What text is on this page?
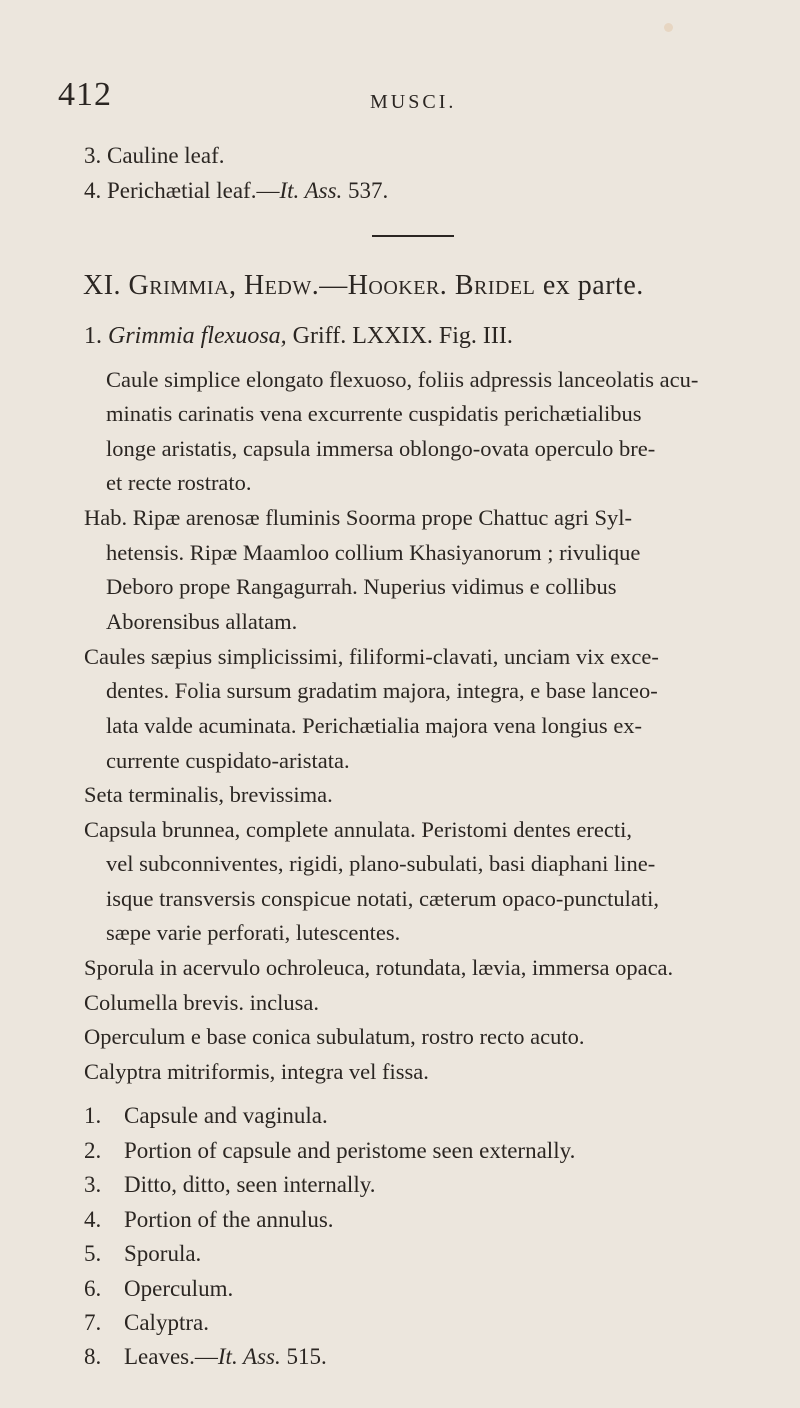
412	MUSCI.
3. Cauline leaf.
4. Perichætial leaf.—It. Ass. 537.
XI. Grimmia, Hedw.—Hooker. Bridel ex parte.
1. Grimmia flexuosa, Griff. LXXIX. Fig. III.
Caule simplice elongato flexuoso, foliis adpressis lanceolatis acu-
minatis carinatis vena excurrente cuspidatis perichætialibus
longe aristatis, capsula immersa oblongo-ovata operculo bre-
et recte rostrato.
Hab. Ripæ arenosæ fluminis Soorma prope Chattuc agri Syl-
hetensis. Ripæ Maamloo collium Khasiyanorum ; rivulique
Deboro prope Rangagurrah. Nuperius vidimus e collibus
Aborensibus allatam.
Caules sæpius simplicissimi, filiformi-clavati, unciam vix exce-
dentes. Folia sursum gradatim majora, integra, e base lanceo-
lata valde acuminata. Perichætialia majora vena longius ex-
currente cuspidato-aristata.
Seta terminalis, brevissima.
Capsula brunnea, complete annulata. Peristomi dentes erecti,
vel subconniventes, rigidi, plano-subulati, basi diaphani line-
isque transversis conspicue notati, cæterum opaco-punctulati,
sæpe varie perforati, lutescentes.
Sporula in acervulo ochroleuca, rotundata, lævia, immersa opaca.
Columella brevis. inclusa.
Operculum e base conica subulatum, rostro recto acuto.
Calyptra mitriformis, integra vel fissa.
1. Capsule and vaginula.
2. Portion of capsule and peristome seen externally.
3. Ditto, ditto, seen internally.
4. Portion of the annulus.
5. Sporula.
6. Operculum.
7. Calyptra.
8. Leaves.—It. Ass. 515.
